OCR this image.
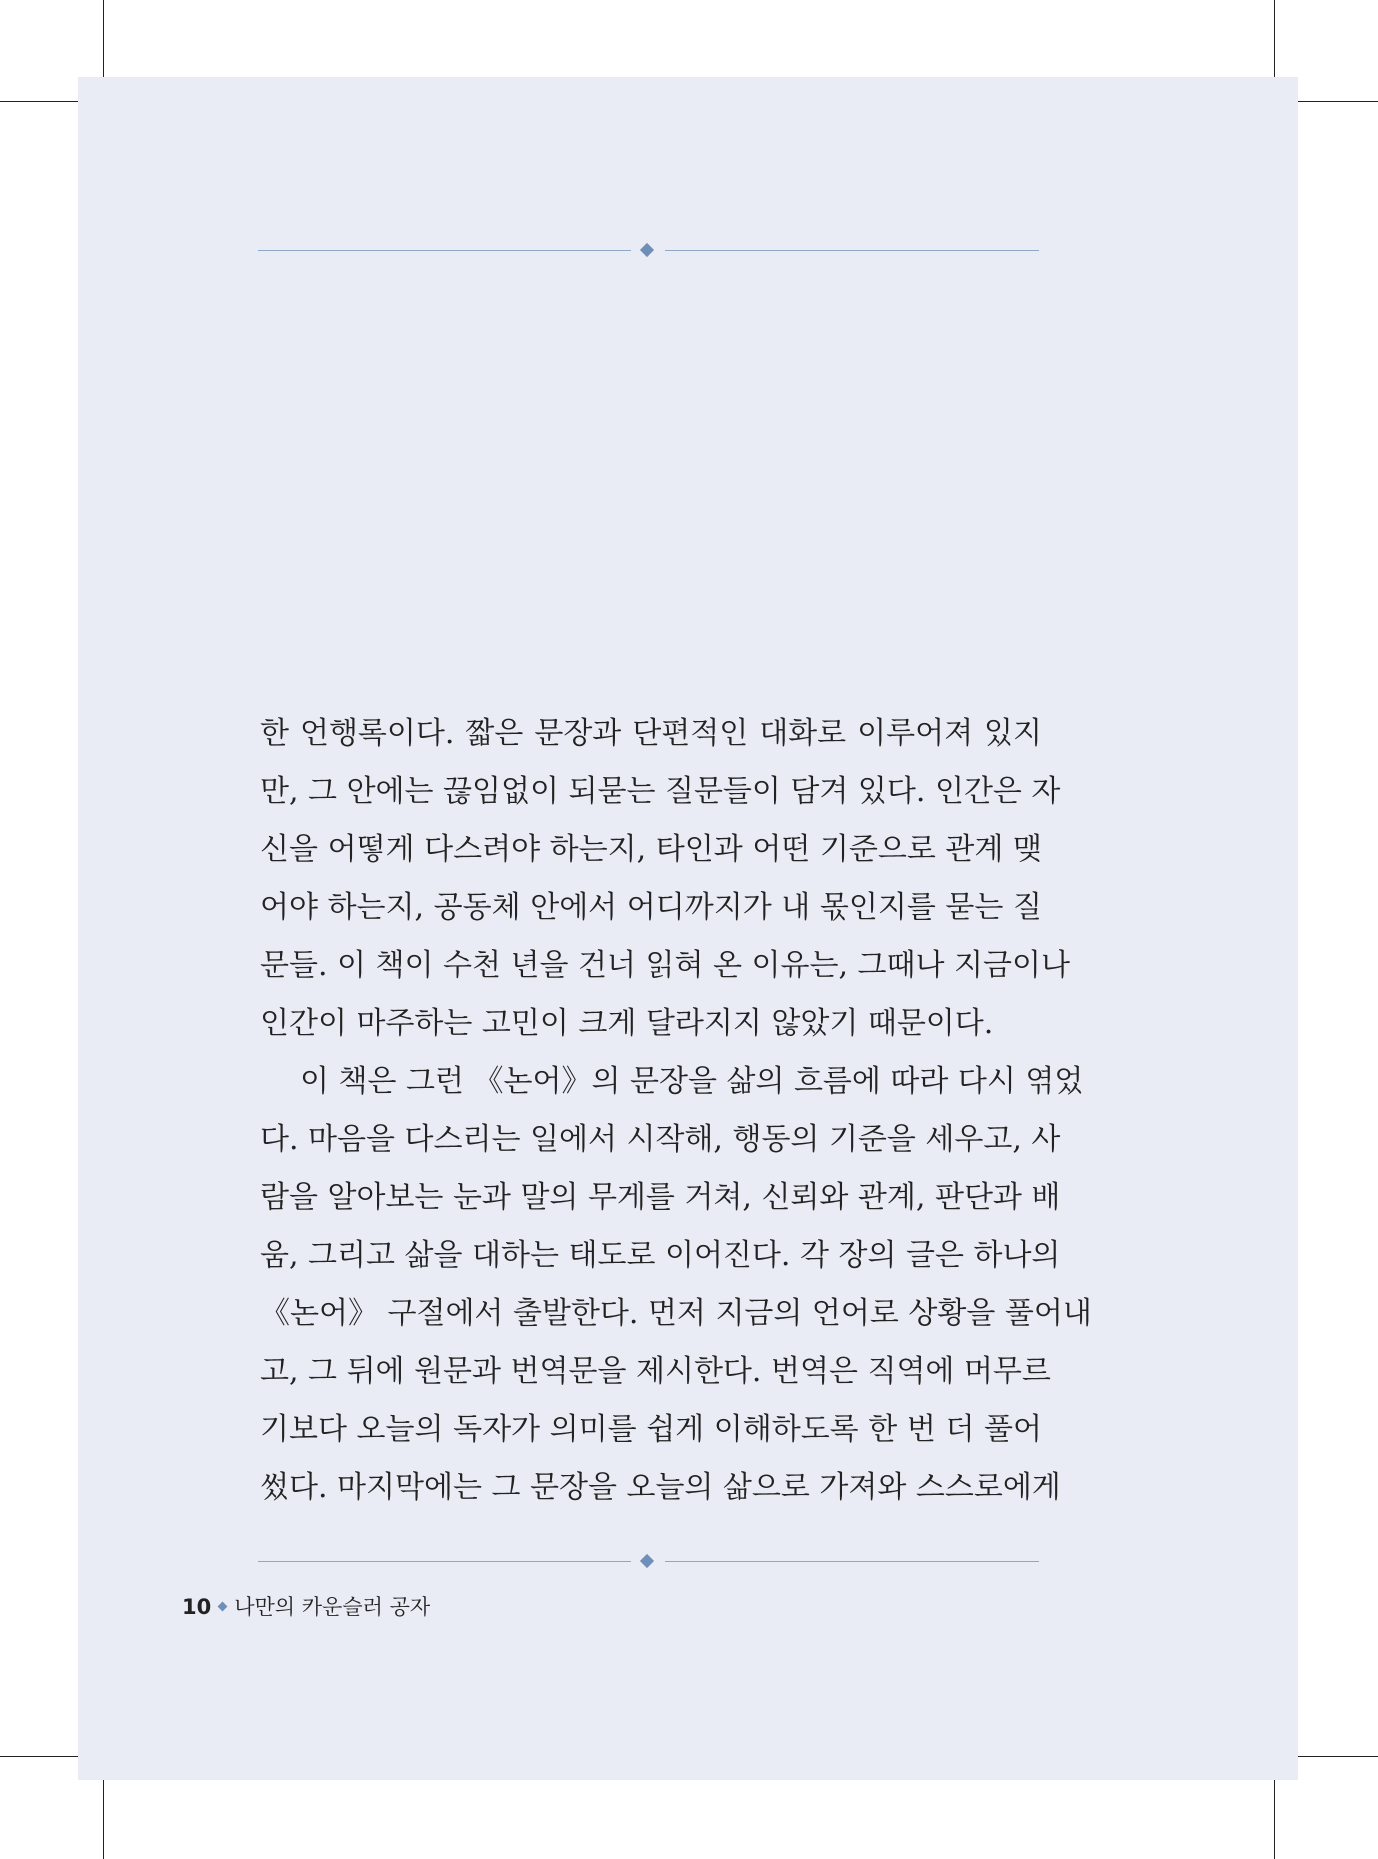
한 언행록이다. 짧은 문장과 단편적인 대화로 이루어져 있지
만, 그 안에는 끊임없이 되묻는 질문들이 담겨 있다. 인간은 자
신을 어떻게 다스려야 하는지, 타인과 어떤 기준으로 관계 맺
어야 하는지, 공동체 안에서 어디까지가 내 몫인지를 묻는 질
문들. 이 책이 수천 년을 건너 읽혀 온 이유는, 그때나 지금이나
인간이 마주하는 고민이 크게 달라지지 않았기 때문이다.
이 책은 그런 《논어》의 문장을 삶의 흐름에 따라 다시 엮었
다. 마음을 다스리는 일에서 시작해, 행동의 기준을 세우고, 사
람을 알아보는 눈과 말의 무게를 거쳐, 신뢰와 관계, 판단과 배
움, 그리고 삶을 대하는 태도로 이어진다. 각 장의 글은 하나의
《논어》 구절에서 출발한다. 먼저 지금의 언어로 상황을 풀어내
고, 그 뒤에 원문과 번역문을 제시한다. 번역은 직역에 머무르
기보다 오늘의 독자가 의미를 쉽게 이해하도록 한 번 더 풀어
썼다. 마지막에는 그 문장을 오늘의 삶으로 가져와 스스로에게
10 나만의 카운슬러 공자
